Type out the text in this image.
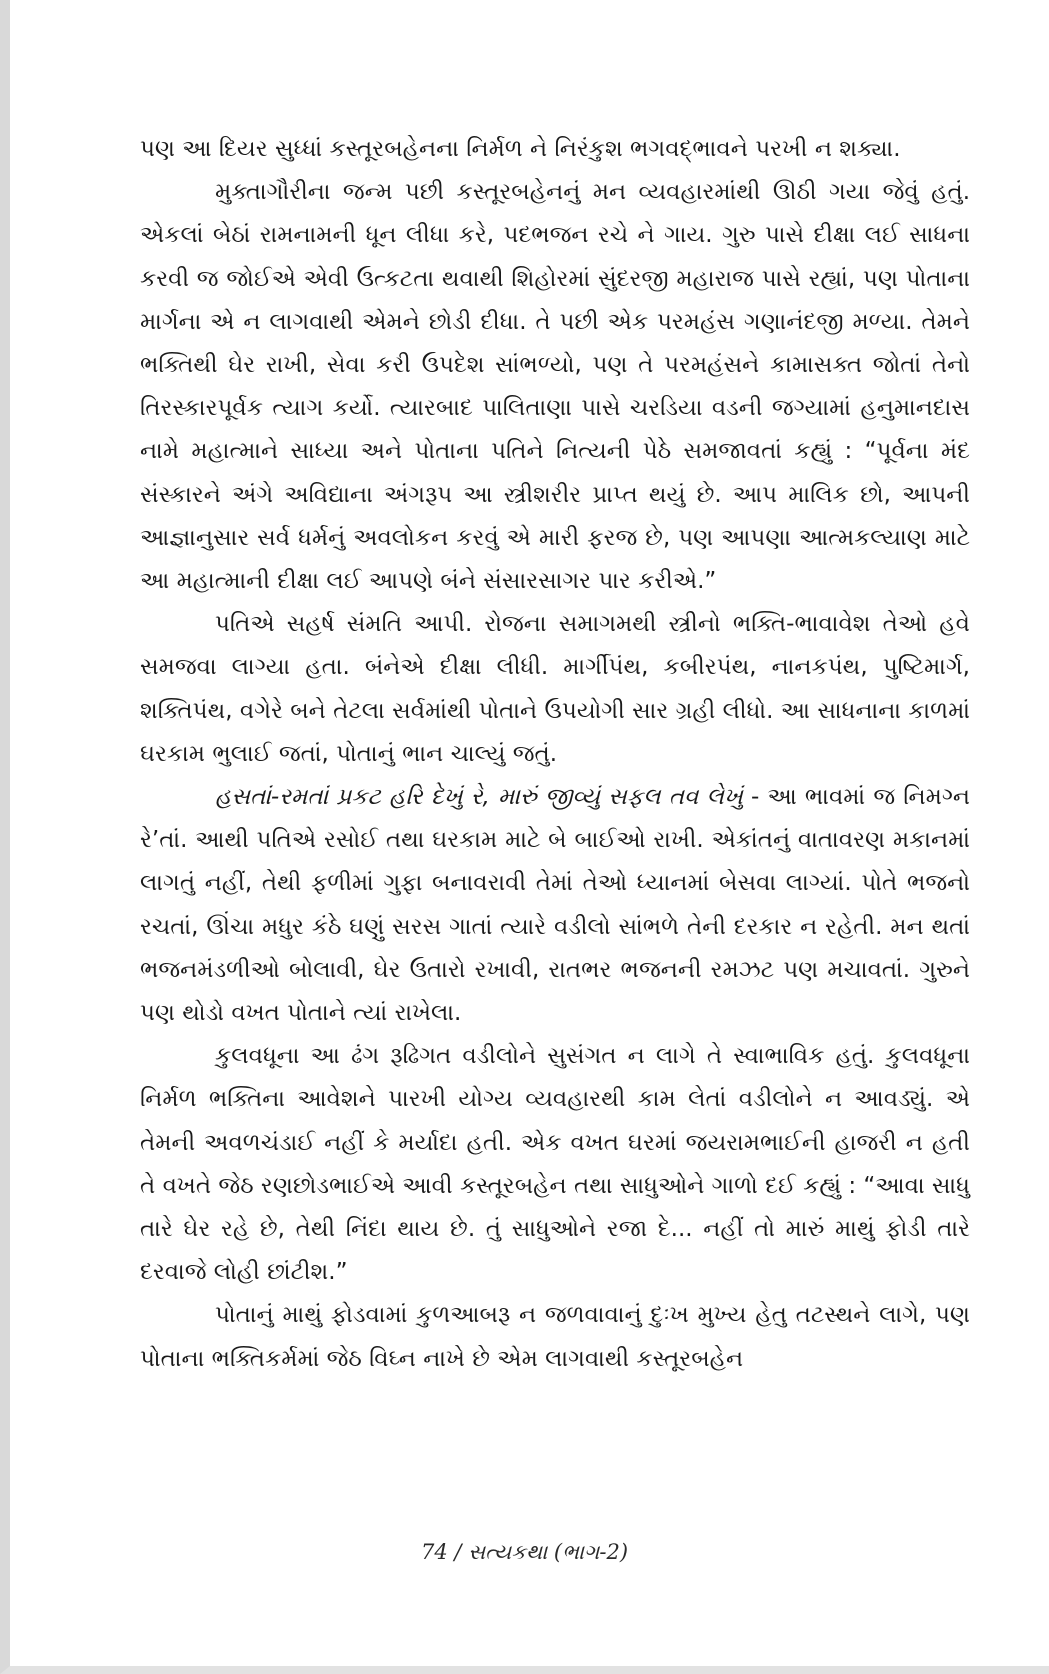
પણ આ દિયર સુધ્ધાં કસ્તૂરબહેનના નિર્મળ ને નિરંકુશ ભગવદ્ભાવને પરખી ન શક્યા.

મુક્તાગૌરીના જન્મ પછી કસ્તૂરબહેનનું મન વ્યવહારમાંથી ઊઠી ગયા જેવું હતું. એકલાં બેઠાં રામનામની ધૂન લીધા કરે, પદભજન રચે ને ગાય. ગુરુ પાસે દીક્ષા લઈ સાધના કરવી જ જોઈએ એવી ઉત્કટતા થવાથી શિહોરમાં સુંદરજી મહારાજ પાસે રહ્યાં, પણ પોતાના માર્ગના એ ન લાગવાથી એમને છોડી દીધા. તે પછી એક પરમહંસ ગણાનંદજી મળ્યા. તેમને ભક્તિથી ઘેર રાખી, સેવા કરી ઉપદેશ સાંભળ્યો, પણ તે પરમહંસને કામાસક્ત જોતાં તેનો તિરસ્કારપૂર્વક ત્યાગ કર્યો. ત્યારબાદ પાલિતાણા પાસે ચરડિયા વડની જગ્યામાં હનુમાનદાસ નામે મહાત્માને સાધ્યા અને પોતાના પતિને નિત્યની પેઠે સમજાવતાં કહ્યું : “પૂર્વના મંદ સંસ્કારને અંગે અવિદ્યાના અંગરૂપ આ સ્ત્રીશરીર પ્રાપ્ત થયું છે. આપ માલિક છો, આપની આજ્ઞાનુસાર સર્વ ધર્મનું અવલોકન કરવું એ મારી ફરજ છે, પણ આપણા આત્મકલ્યાણ માટે આ મહાત્માની દીક્ષા લઈ આપણે બંને સંસારસાગર પાર કરીએ.”

પતિએ સહર્ષ સંમતિ આપી. રોજના સમાગમથી સ્ત્રીનો ભક્તિ-ભાવાવેશ તેઓ હવે સમજવા લાગ્યા હતા. બંનેએ દીક્ષા લીધી. માર્ગીપંથ, કબીરપંથ, નાનકપંથ, પુષ્ટિમાર્ગ, શક્તિપંથ, વગેરે બને તેટલા સર્વમાંથી પોતાને ઉપયોગી સાર ગ્રહી લીધો. આ સાધનાના કાળમાં ઘરકામ ભુલાઈ જતાં, પોતાનું ભાન ચાલ્યું જતું.

હસતાં-રમતાં પ્રકટ હરિ દેખું રે, મારું જીવ્યું સફલ તવ લેખું - આ ભાવમાં જ નિમગ્ન રે’તાં. આથી પતિએ રસોઈ તથા ઘરકામ માટે બે બાઈઓ રાખી. એકાંતનું વાતાવરણ મકાનમાં લાગતું નહીં, તેથી ફળીમાં ગુફા બનાવરાવી તેમાં તેઓ ધ્યાનમાં બેસવા લાગ્યાં. પોતે ભજનો રચતાં, ઊંચા મધુર કંઠે ઘણું સરસ ગાતાં ત્યારે વડીલો સાંભળે તેની દરકાર ન રહેતી. મન થતાં ભજનમંડળીઓ બોલાવી, ઘેર ઉતારો રખાવી, રાતભર ભજનની રમઝટ પણ મચાવતાં. ગુરુને પણ થોડો વખત પોતાને ત્યાં રાખેલા.

કુલવધૂના આ ઢંગ રૂઢિગત વડીલોને સુસંગત ન લાગે તે સ્વાભાવિક હતું. કુલવધૂના નિર્મળ ભક્તિના આવેશને પારખી યોગ્ય વ્યવહારથી કામ લેતાં વડીલોને ન આવડ્યું. એ તેમની અવળચંડાઈ નહીં કે મર્યાદા હતી. એક વખત ઘરમાં જયરામભાઈની હાજરી ન હતી તે વખતે જેઠ રણછોડભાઈએ આવી કસ્તૂરબહેન તથા સાધુઓને ગાળો દઈ કહ્યું : “આવા સાધુ તારે ઘેર રહે છે, તેથી નિંદા થાય છે. તું સાધુઓને રજા દે... નહીં તો મારું માથું ફોડી તારે દરવાજે લોહી છાંટીશ.”

પોતાનું માથું ફોડવામાં કુળઆબરૂ ન જળવાવાનું દુઃખ મુખ્ય હેતુ તટસ્થને લાગે, પણ પોતાના ભક્તિકર્મમાં જેઠ વિઘ્ન નાખે છે એમ લાગવાથી કસ્તૂરબહેન

74 / સત્યકથા (ભાગ-2)
